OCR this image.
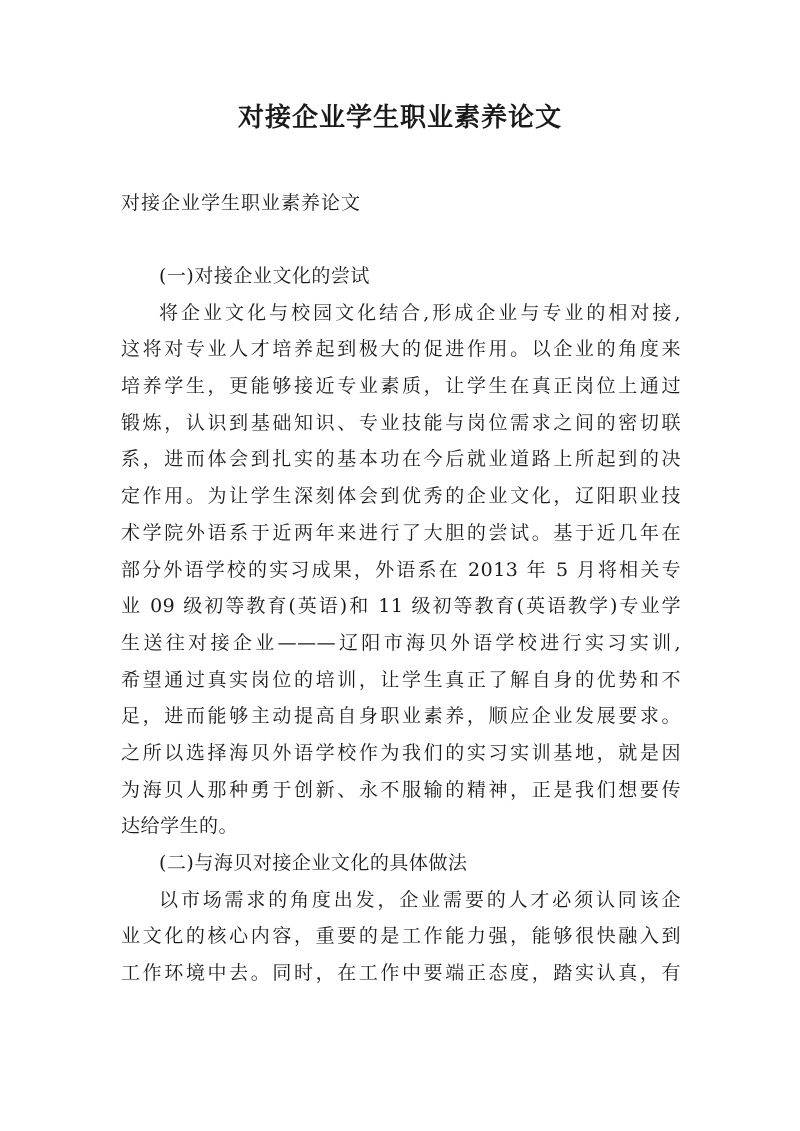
对接企业学生职业素养论文
对接企业学生职业素养论文
(一)对接企业文化的尝试
将企业文化与校园文化结合,形成企业与专业的相对接,
这将对专业人才培养起到极大的促进作用。以企业的角度来
培养学生，更能够接近专业素质，让学生在真正岗位上通过
锻炼，认识到基础知识、专业技能与岗位需求之间的密切联
系，进而体会到扎实的基本功在今后就业道路上所起到的决
定作用。为让学生深刻体会到优秀的企业文化，辽阳职业技
术学院外语系于近两年来进行了大胆的尝试。基于近几年在
部分外语学校的实习成果，外语系在 2013 年 5 月将相关专
业 09 级初等教育(英语)和 11 级初等教育(英语教学)专业学
生送往对接企业———辽阳市海贝外语学校进行实习实训,
希望通过真实岗位的培训，让学生真正了解自身的优势和不
足，进而能够主动提高自身职业素养，顺应企业发展要求。
之所以选择海贝外语学校作为我们的实习实训基地，就是因
为海贝人那种勇于创新、永不服输的精神，正是我们想要传
达给学生的。
(二)与海贝对接企业文化的具体做法
以市场需求的角度出发，企业需要的人才必须认同该企
业文化的核心内容，重要的是工作能力强，能够很快融入到
工作环境中去。同时，在工作中要端正态度，踏实认真，有
